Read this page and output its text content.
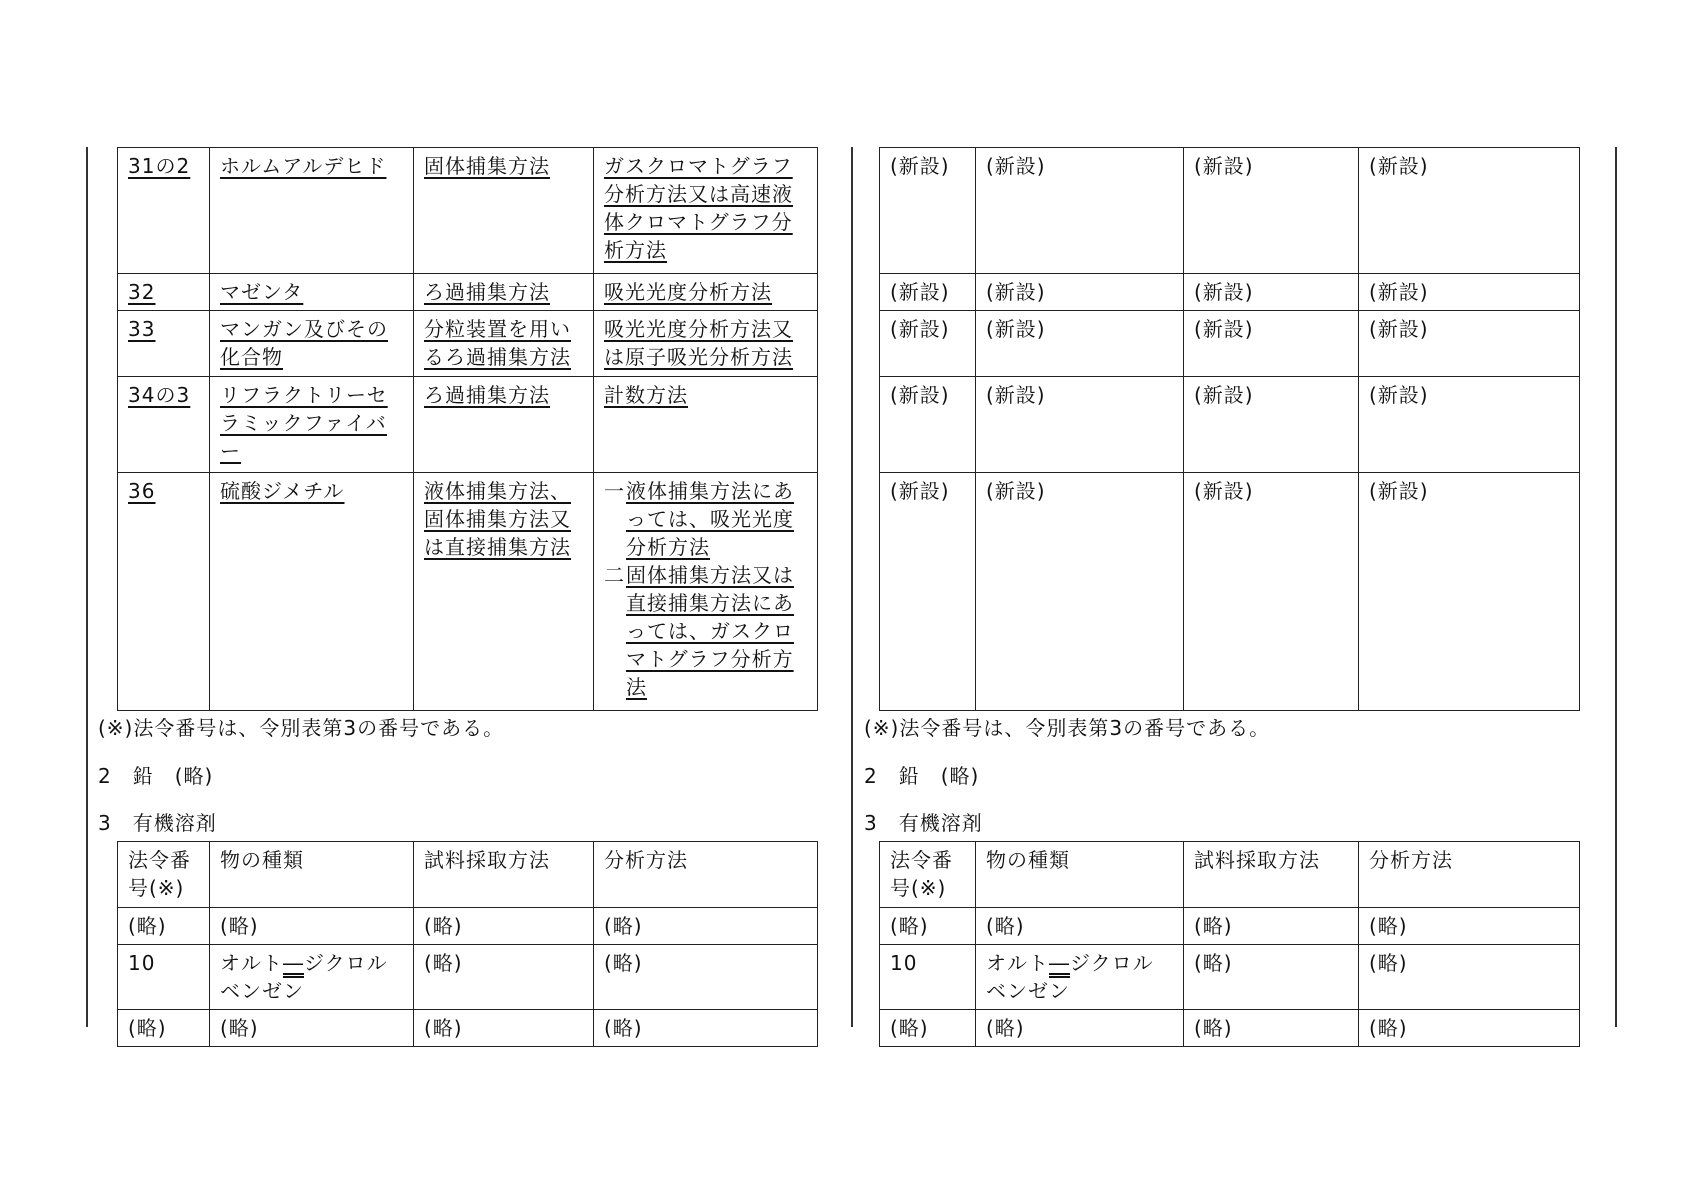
31の2	ホルムアルデヒド	固体捕集方法	ガスクロマトグラフ分析方法又は高速液体クロマトグラフ分析方法
32	マゼンタ	ろ過捕集方法	吸光光度分析方法
33	マンガン及びその化合物	分粒装置を用いるろ過捕集方法	吸光光度分析方法又は原子吸光分析方法
34の3	リフラクトリーセラミックファイバー	ろ過捕集方法	計数方法
36	硫酸ジメチル	液体捕集方法、固体捕集方法又は直接捕集方法	一液体捕集方法にあっては、吸光光度分析方法
二固体捕集方法又は直接捕集方法にあっては、ガスクロマトグラフ分析方法
(※)法令番号は、令別表第3の番号である。
2　鉛　(略)
3　有機溶剤
法令番号(※)	物の種類	試料採取方法	分析方法
(略)	(略)	(略)	(略)
10	オルト―ジクロルベンゼン	(略)	(略)
(略)	(略)	(略)	(略)
(新設)	(新設)	(新設)	(新設)
(新設)	(新設)	(新設)	(新設)
(新設)	(新設)	(新設)	(新設)
(新設)	(新設)	(新設)	(新設)
(新設)	(新設)	(新設)	(新設)
(※)法令番号は、令別表第3の番号である。
2　鉛　(略)
3　有機溶剤
法令番号(※)	物の種類	試料採取方法	分析方法
(略)	(略)	(略)	(略)
10	オルト―ジクロルベンゼン	(略)	(略)
(略)	(略)	(略)	(略)
